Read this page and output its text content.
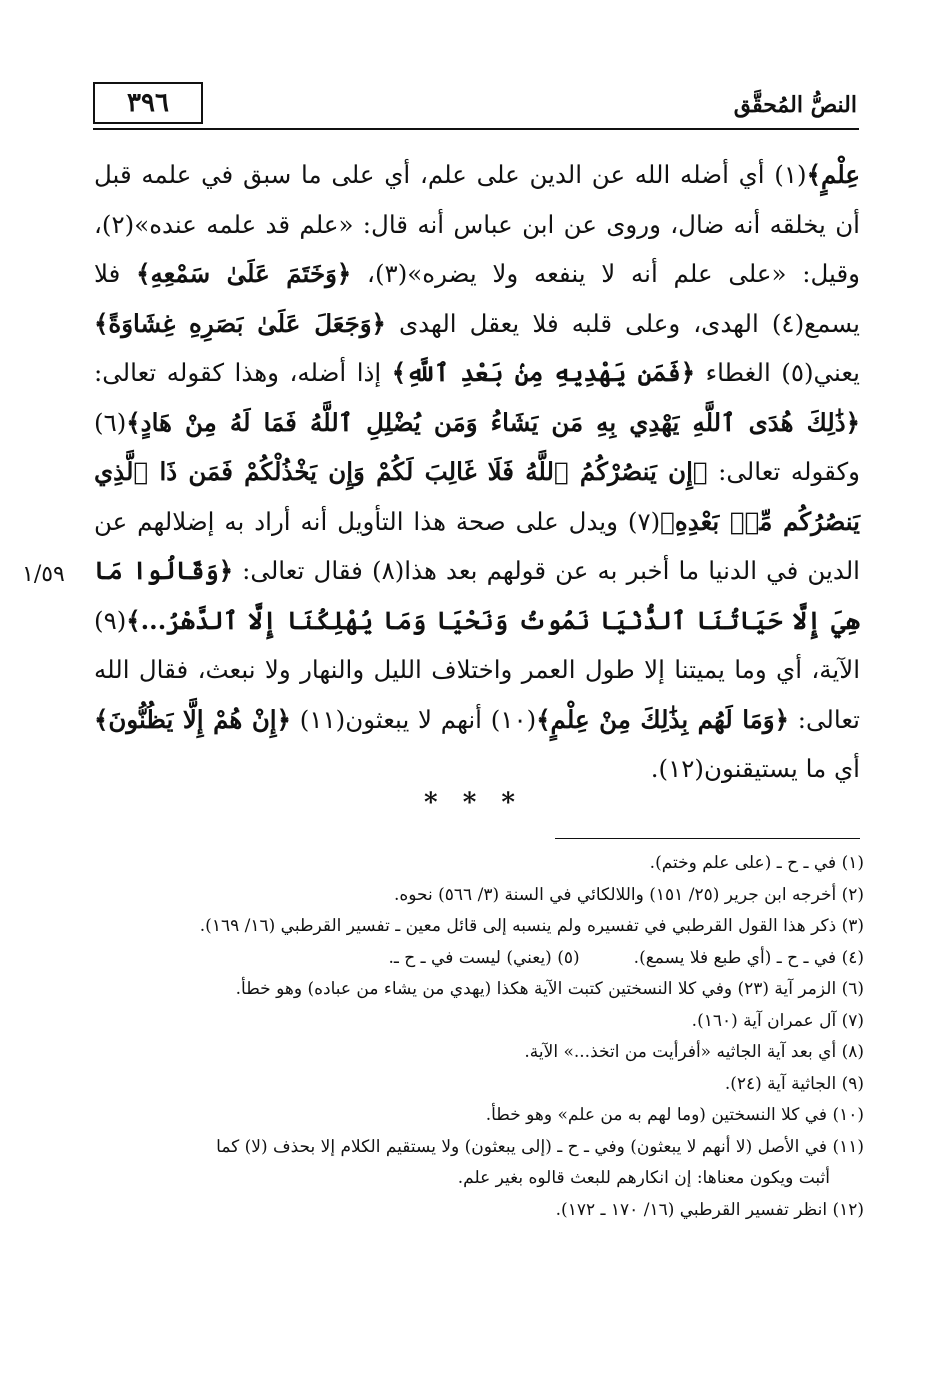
النصُّ المُحقَّق
٣٩٦
١/٥٩

عِلْمٍ﴾(١) أي أضله الله عن الدين على علم، أي على ما سبق في علمه قبل أن يخلقه أنه ضال، وروى عن ابن عباس أنه قال: «علم قد علمه عنده»(٢)، وقيل: «على علم أنه لا ينفعه ولا يضره»(٣)، ﴿وَخَتَمَ عَلَىٰ سَمْعِهِ﴾ فلا يسمع(٤) الهدى، وعلى قلبه فلا يعقل الهدى ﴿وَجَعَلَ عَلَىٰ بَصَرِهِ غِشَاوَةً﴾ يعني(٥) الغطاء ﴿فَمَن يَهْدِيهِ مِنۢ بَعْدِ ٱللَّهِ﴾ إذا أضله، وهذا كقوله تعالى: ﴿ذَٰلِكَ هُدَى ٱللَّهِ يَهْدِي بِهِ مَن يَشَاءُ وَمَن يُضْلِلِ ٱللَّهُ فَمَا لَهُ مِنْ هَادٍ﴾(٦) وكقوله تعالى: ﴿إِن يَنصُرْكُمُ ٱللَّهُ فَلَا غَالِبَ لَكُمْ وَإِن يَخْذُلْكُمْ فَمَن ذَا ٱلَّذِي يَنصُرُكُم مِّنۢ بَعْدِهِ﴾(٧) ويدل على صحة هذا التأويل أنه أراد به إضلالهم عن الدين في الدنيا ما أخبر به عن قولهم بعد هذا(٨) فقال تعالى: ﴿وَقَالُوا مَا هِيَ إِلَّا حَيَاتُنَا ٱلدُّنْيَا نَمُوتُ وَنَحْيَا وَمَا يُهْلِكُنَا إِلَّا ٱلدَّهْرُ...﴾(٩) الآية، أي وما يميتنا إلا طول العمر واختلاف الليل والنهار ولا نبعث، فقال الله تعالى: ﴿وَمَا لَهُم بِذَٰلِكَ مِنْ عِلْمٍ﴾(١٠) أنهم لا يبعثون(١١) ﴿إِنْ هُمْ إِلَّا يَظُنُّونَ﴾ أي ما يستيقنون(١٢).

* * *

(١) في ـ ح ـ (على علم وختم).

(٢) أخرجه ابن جرير (٢٥/ ١٥١) واللالكائي في السنة (٣/ ٥٦٦) نحوه.

(٣) ذكر هذا القول القرطبي في تفسيره ولم ينسبه إلى قائل معين ـ تفسير القرطبي (١٦/ ١٦٩).

(٤) في ـ ح ـ (أي طبع فلا يسمع).          (٥) (يعني) ليست في ـ ح ـ.

(٦) الزمر آية (٢٣) وفي كلا النسختين كتبت الآية هكذا (يهدي من يشاء من عباده) وهو خطأ.

(٧) آل عمران آية (١٦٠).

(٨) أي بعد آية الجاثيه «أفرأيت من اتخذ...» الآية.

(٩) الجاثية آية (٢٤).

(١٠) في كلا النسختين (وما لهم به من علم» وهو خطأ.

(١١) في الأصل (لا أنهم لا يبعثون) وفي ـ ح ـ (إلى يبعثون) ولا يستقيم الكلام إلا بحذف (لا) كما

أثبت ويكون معناها: إن انكارهم للبعث قالوه بغير علم.

(١٢) انظر تفسير القرطبي (١٦/ ١٧٠ ـ ١٧٢).
